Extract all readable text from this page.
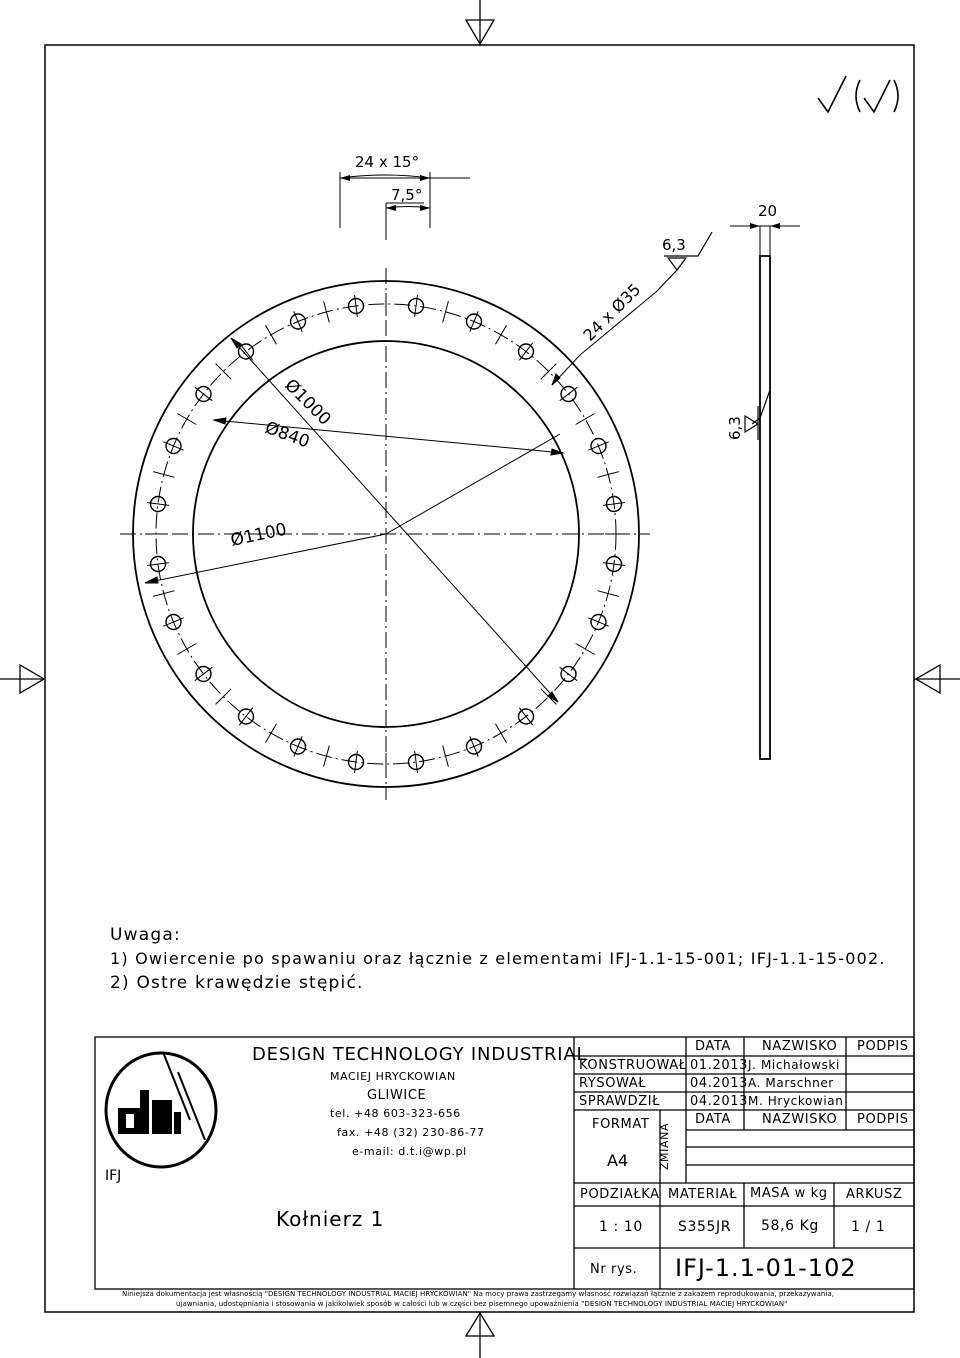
Ø1000
Ø840
Ø1100
24 x Ø35
24 x 15°
7,5°
6,3
20
6,3
Uwaga:
1) Owiercenie po spawaniu oraz łącznie z elementami IFJ-1.1-15-001; IFJ-1.1-15-002.
2) Ostre krawędzie stępić.
DESIGN TECHNOLOGY INDUSTRIAL
MACIEJ HRYCKOWIAN
GLIWICE
tel. +48 603-323-656
fax. +48 (32) 230-86-77
e-mail: d.t.i@wp.pl
IFJ
Kołnierz 1
DATA NAZWISKO PODPIS
KONSTRUOWAŁ 01.2013 J. Michałowski
RYSOWAŁ	04.2013 A. Marschner
SPRAWDZIŁ 04.2013 M. Hryckowian
FORMAT
A4	ZMIANA
DATA NAZWISKO PODPIS
PODZIAŁKA MATERIAŁ MASA w kg ARKUSZ
1 : 10	S355JR 58,6 Kg 1 / 1
Nr rys. IFJ-1.1-01-102
Niniejsza dokumentacja jest własnością "DESIGN TECHNOLOGY INDUSTRIAL MACIEJ HRYCKOWIAN" Na mocy prawa zastrzegamy własność rozwiązań łącznie z zakazem reprodukowania, przekazywania,
ujawniania, udostępniania i stosowania w jakikolwiek sposób w całości lub w części bez pisemnego upoważnienia "DESIGN TECHNOLOGY INDUSTRIAL MACIEJ HRYCKOWIAN"
